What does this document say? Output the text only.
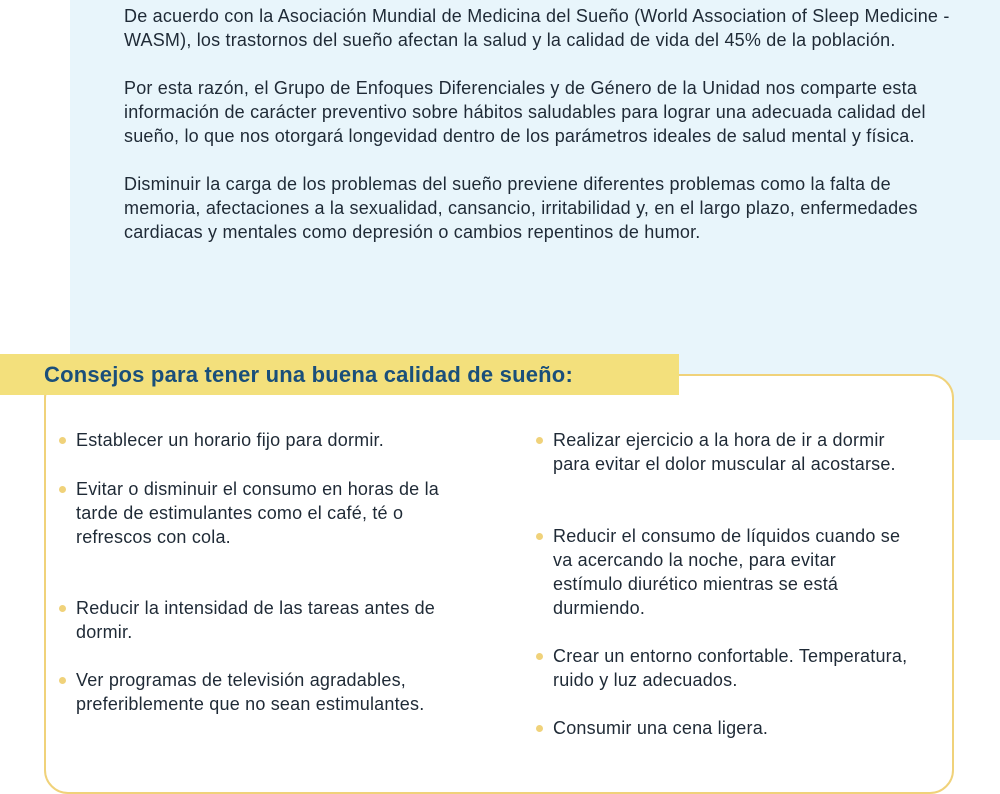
De acuerdo con la Asociación Mundial de Medicina del Sueño (World Association of Sleep Medicine - WASM), los trastornos del sueño afectan la salud y la calidad de vida del 45% de la población.

Por esta razón, el Grupo de Enfoques Diferenciales y de Género de la Unidad nos comparte esta información de carácter preventivo sobre hábitos saludables para lograr una adecuada calidad del sueño, lo que nos otorgará longevidad dentro de los parámetros ideales de salud mental y física.

Disminuir la carga de los problemas del sueño previene diferentes problemas como la falta de memoria, afectaciones a la sexualidad, cansancio, irritabilidad y, en el largo plazo, enfermedades cardiacas y mentales como depresión o cambios repentinos de humor.

Consejos para tener una buena calidad de sueño:
Establecer un horario fijo para dormir.
Evitar o disminuir el consumo en horas de la tarde de estimulantes como el café, té o refrescos con cola.
Reducir la intensidad de las tareas antes de dormir.
Ver programas de televisión agradables, preferiblemente que no sean estimulantes.
Realizar ejercicio a la hora de ir a dormir para evitar el dolor muscular al acostarse.
Reducir el consumo de líquidos cuando se va acercando la noche, para evitar estímulo diurético mientras se está durmiendo.
Crear un entorno confortable. Temperatura, ruido y luz adecuados.
Consumir una cena ligera.
